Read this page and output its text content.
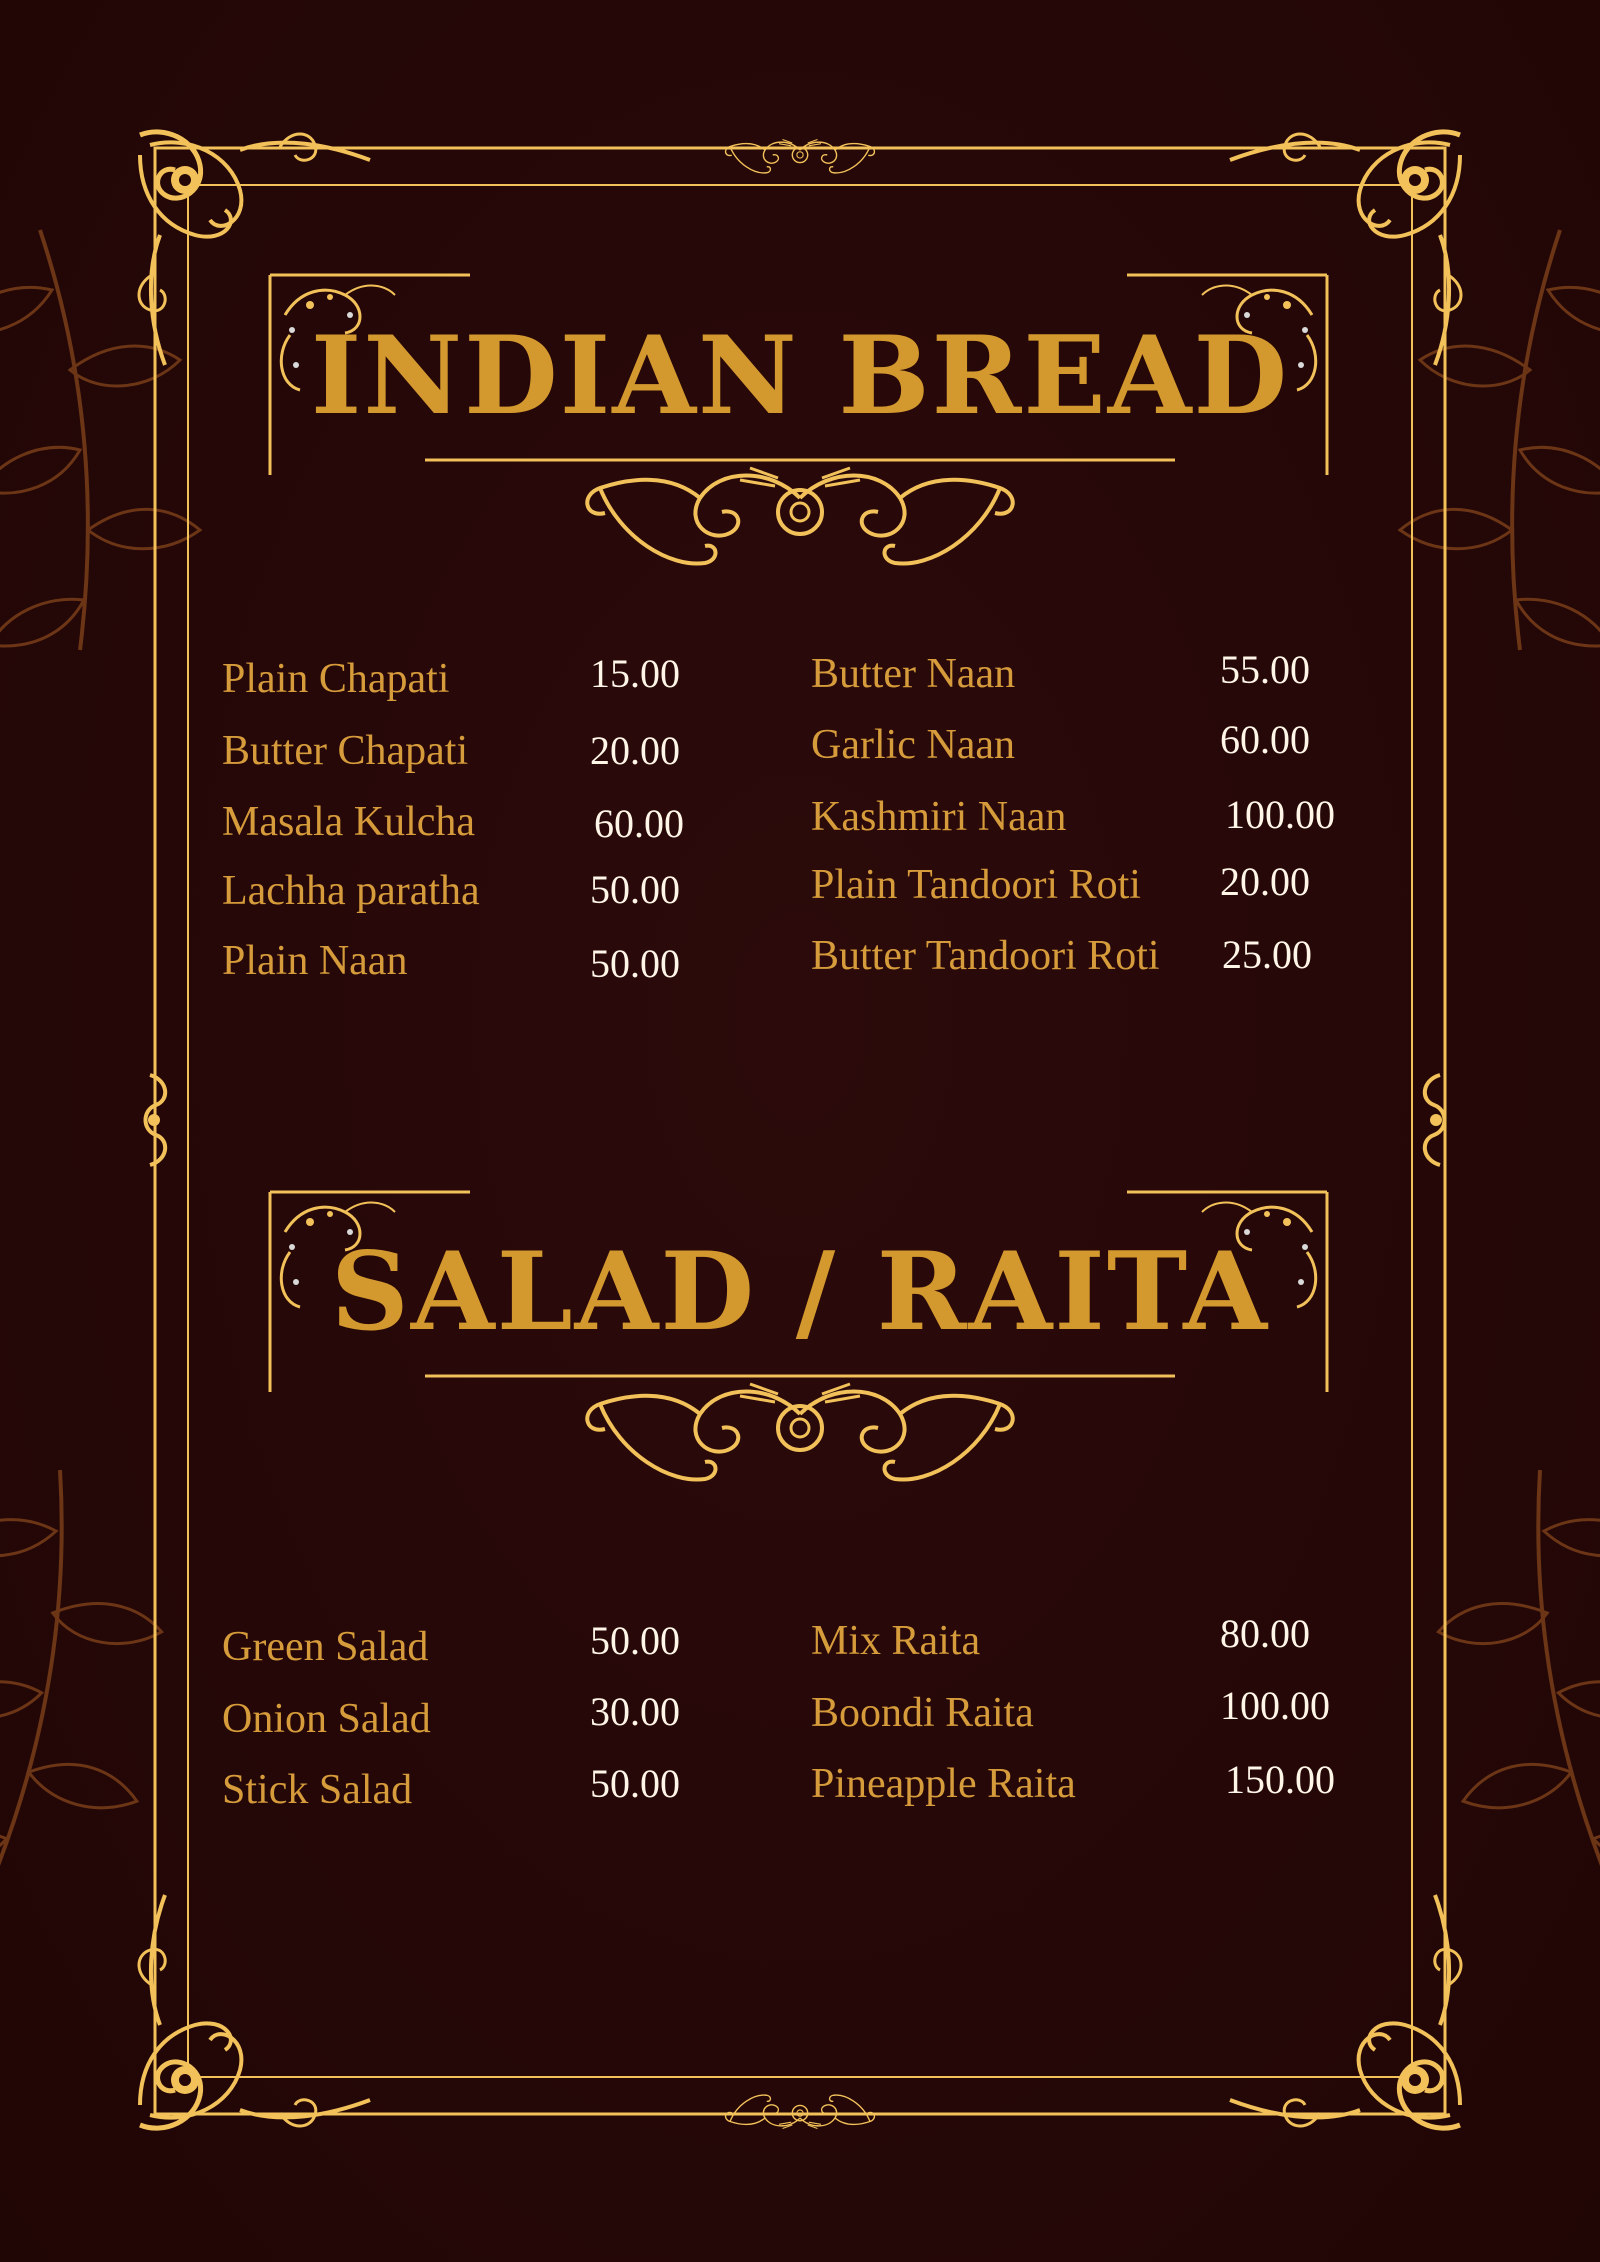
INDIAN BREAD
Plain Chapati	15.00
Butter Chapati	20.00
Masala Kulcha	60.00
Lachha paratha	50.00
Plain Naan	50.00
Butter Naan	55.00
Garlic Naan	60.00
Kashmiri Naan	100.00
Plain Tandoori Roti 20.00
Butter Tandoori Roti 25.00
SALAD / RAITA
Green Salad	50.00
Onion Salad	30.00
Stick Salad	50.00
Mix Raita	80.00
Boondi Raita	100.00
Pineapple Raita	150.00
